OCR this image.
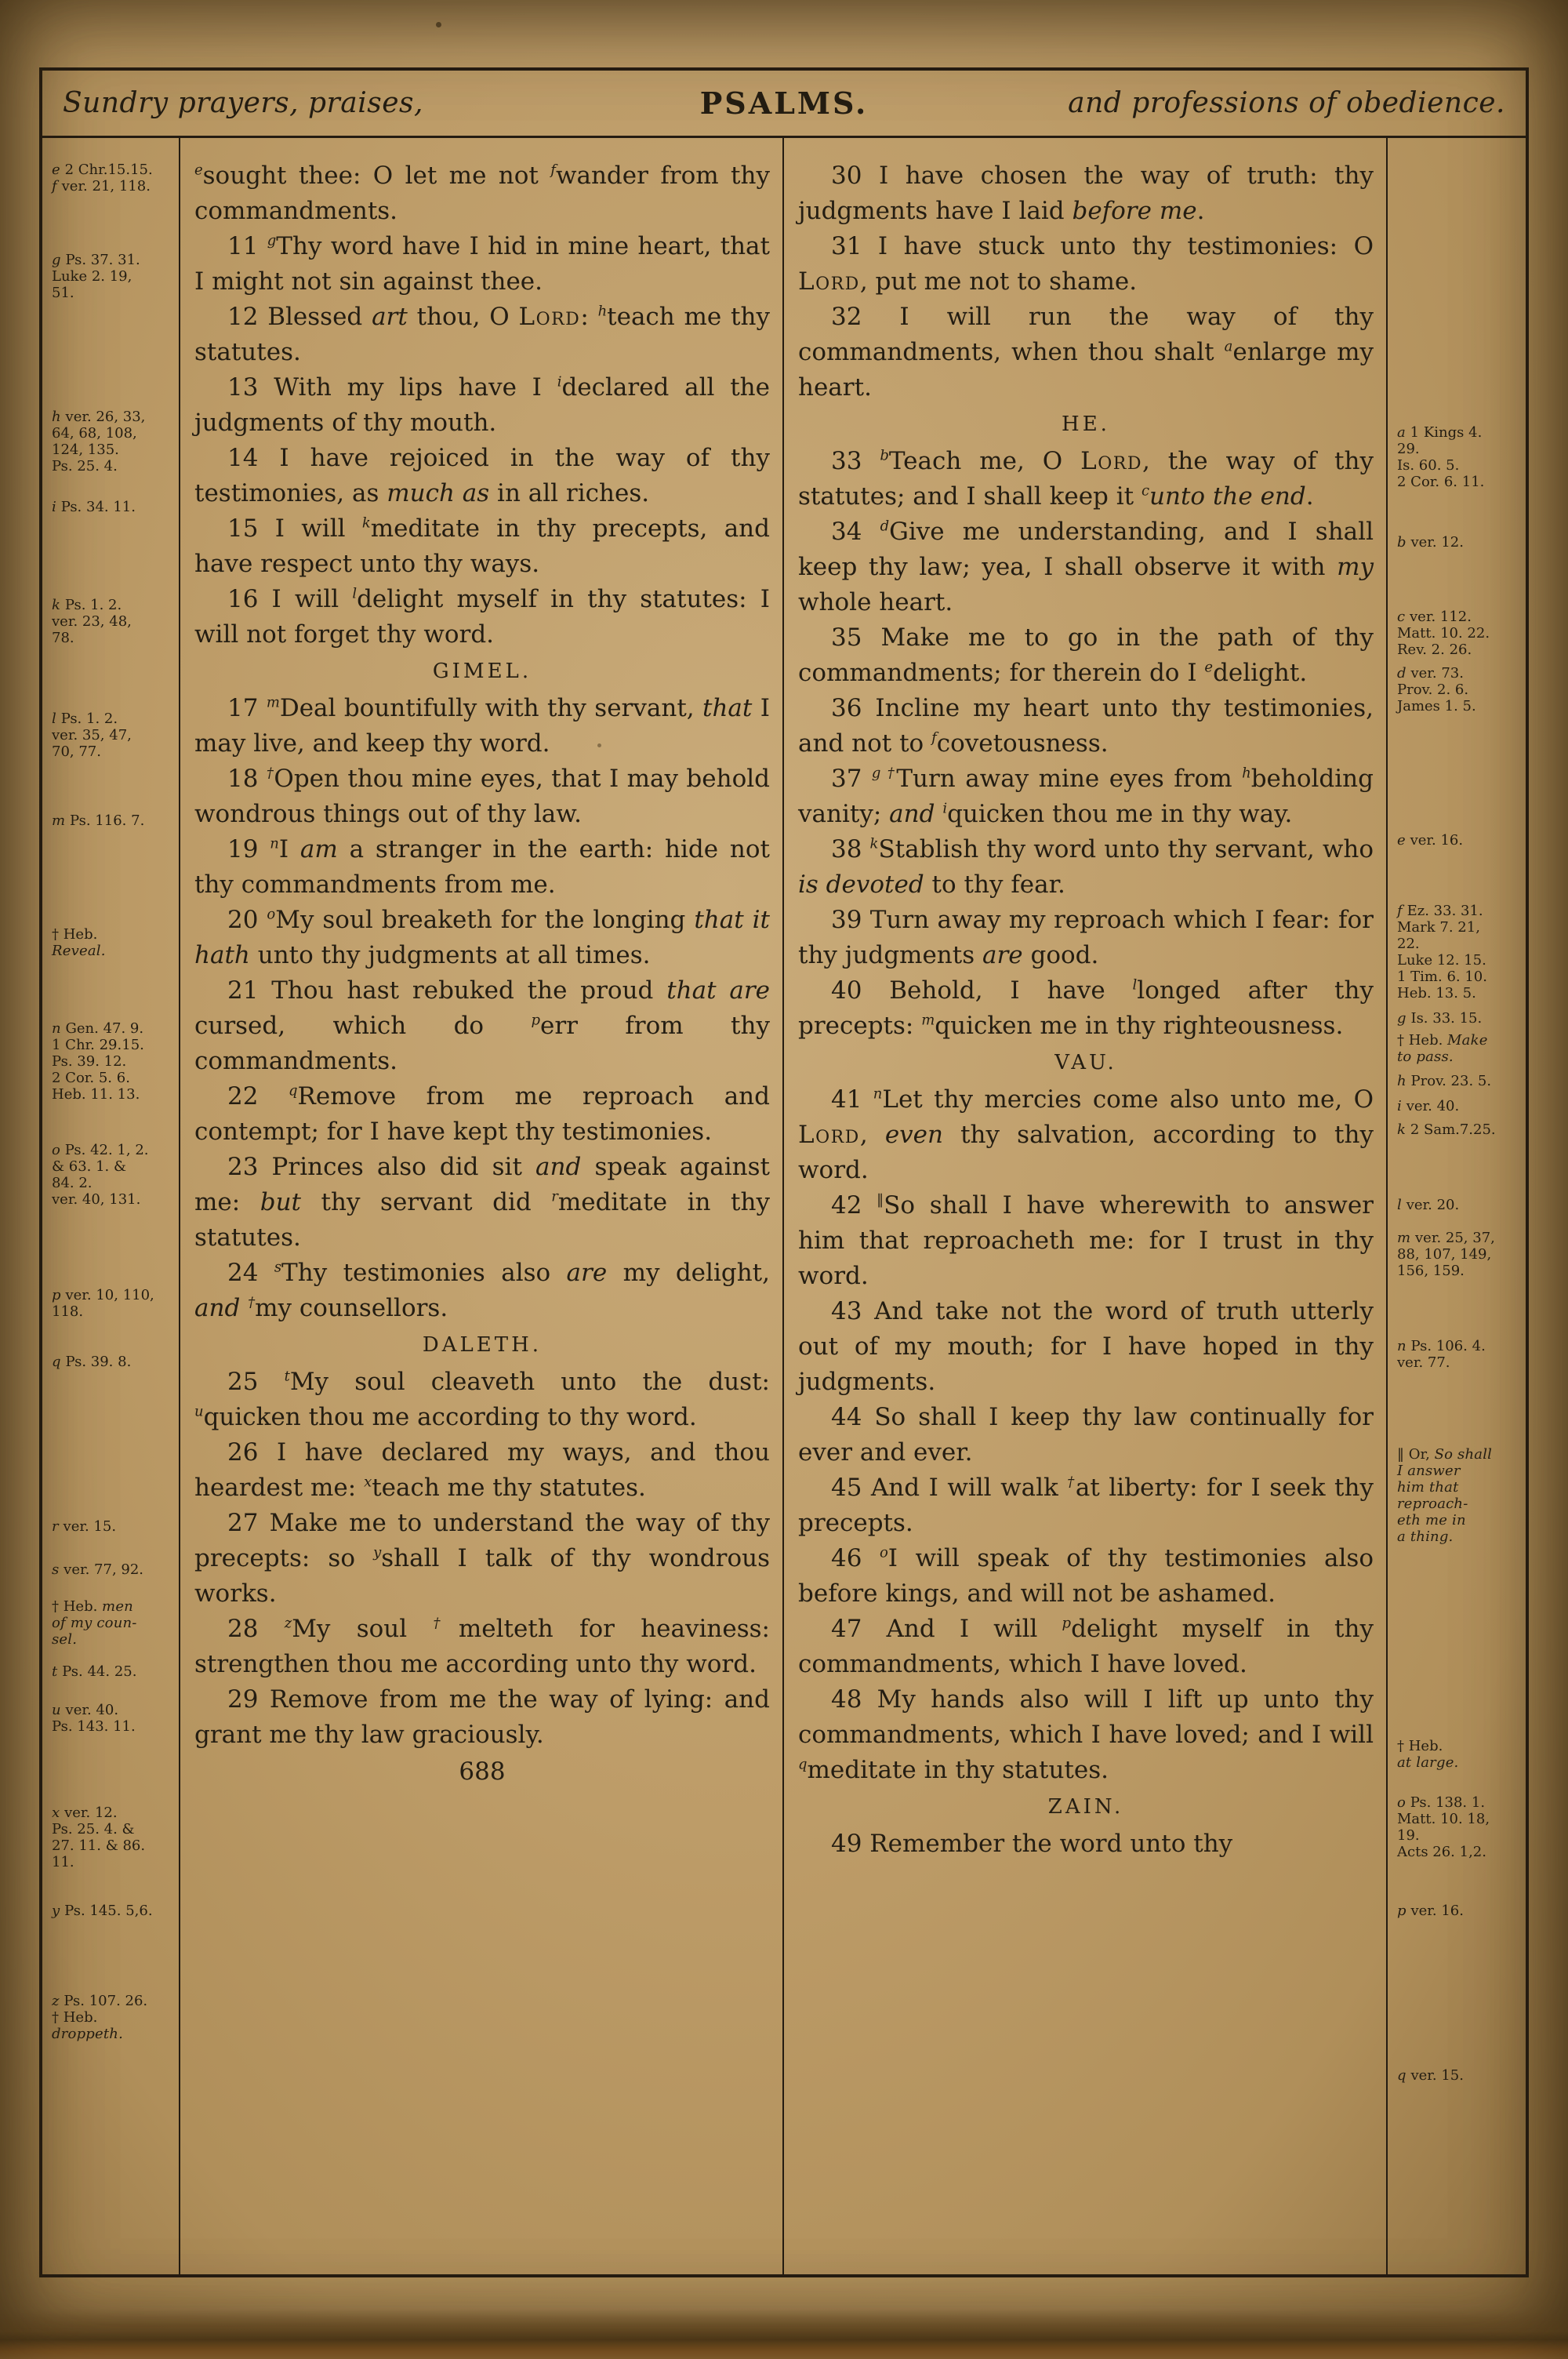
Sundry prayers, praises,	PSALMS.	and professions of obedience.
e 2 Chr.15.15.
f ver. 21, 118.
g Ps. 37. 31.
Luke 2. 19,
51.
h ver. 26, 33,
64, 68, 108,
124, 135.
Ps. 25. 4.
i Ps. 34. 11.
k Ps. 1. 2.
ver. 23, 48,
78.
l Ps. 1. 2.
ver. 35, 47,
70, 77.
m Ps. 116. 7.
† Heb.
Reveal.
n Gen. 47. 9.
1 Chr. 29.15.
Ps. 39. 12.
2 Cor. 5. 6.
Heb. 11. 13.
o Ps. 42. 1, 2.
& 63. 1. &
84. 2.
ver. 40, 131.
p ver. 10, 110,
118.
q Ps. 39. 8.
r ver. 15.
s ver. 77, 92.
† Heb. men
of my coun-
sel.
t Ps. 44. 25.
u ver. 40.
Ps. 143. 11.
x ver. 12.
Ps. 25. 4. &
27. 11. & 86.
11.
y Ps. 145. 5,6.
z Ps. 107. 26.
† Heb.
droppeth.

$^e$sought thee: O let me not $^f$wander from thy commandments.

11 $^g$Thy word have I hid in mine heart, that I might not sin against thee.

12 Blessed art thou, O Lord: $^h$teach me thy statutes.

13 With my lips have I $^i$declared all the judgments of thy mouth.

14 I have rejoiced in the way of thy testimonies, as much as in all riches.

15 I will $^k$meditate in thy precepts, and have respect unto thy ways.

16 I will $^l$delight myself in thy statutes: I will not forget thy word.

GIMEL.

17 $^m$Deal bountifully with thy servant, that I may live, and keep thy word.

18 †Open thou mine eyes, that I may behold wondrous things out of thy law.

19 $^n$I am a stranger in the earth: hide not thy commandments from me.

20 $^o$My soul breaketh for the longing that it hath unto thy judgments at all times.

21 Thou hast rebuked the proud that are cursed, which do $^p$err from thy commandments.

22 $^q$Remove from me reproach and contempt; for I have kept thy testimonies.

23 Princes also did sit and speak against me: but thy servant did $^r$meditate in thy statutes.

24 $^s$Thy testimonies also are my delight, and †my counsellors.

DALETH.

25 $^t$My soul cleaveth unto the dust: $^u$quicken thou me according to thy word.

26 I have declared my ways, and thou heardest me: $^x$teach me thy statutes.

27 Make me to understand the way of thy precepts: so $^y$shall I talk of thy wondrous works.

28 $^z$My soul †melteth for heaviness: strengthen thou me according unto thy word.

29 Remove from me the way of lying: and grant me thy law graciously.

688

30 I have chosen the way of truth: thy judgments have I laid before me.

31 I have stuck unto thy testimonies: O Lord, put me not to shame.

32 I will run the way of thy commandments, when thou shalt $^a$enlarge my heart.

HE.

33 $^b$Teach me, O Lord, the way of thy statutes; and I shall keep it $^c$unto the end.

34 $^d$Give me understanding, and I shall keep thy law; yea, I shall observe it with my whole heart.

35 Make me to go in the path of thy commandments; for therein do I $^e$delight.

36 Incline my heart unto thy testimonies, and not to $^f$covetousness.

37 $^{g \dagger}$Turn away mine eyes from $^h$beholding vanity; and $^i$quicken thou me in thy way.

38 $^k$Stablish thy word unto thy servant, who is devoted to thy fear.

39 Turn away my reproach which I fear: for thy judgments are good.

40 Behold, I have $^l$longed after thy precepts: $^m$quicken me in thy righteousness.

VAU.

41 $^n$Let thy mercies come also unto me, O Lord, even thy salvation, according to thy word.

42 ‖So shall I have wherewith to answer him that reproacheth me: for I trust in thy word.

43 And take not the word of truth utterly out of my mouth; for I have hoped in thy judgments.

44 So shall I keep thy law continually for ever and ever.

45 And I will walk †at liberty: for I seek thy precepts.

46 $^o$I will speak of thy testimonies also before kings, and will not be ashamed.

47 And I will $^p$delight myself in thy commandments, which I have loved.

48 My hands also will I lift up unto thy commandments, which I have loved; and I will $^q$meditate in thy statutes.

ZAIN.

49 Remember the word unto thy

a 1 Kings 4.
29.
Is. 60. 5.
2 Cor. 6. 11.
b ver. 12.
c ver. 112.
Matt. 10. 22.
Rev. 2. 26.
d ver. 73.
Prov. 2. 6.
James 1. 5.
e ver. 16.
f Ez. 33. 31.
Mark 7. 21,
22.
Luke 12. 15.
1 Tim. 6. 10.
Heb. 13. 5.
g Is. 33. 15.
† Heb. Make
to pass.
h Prov. 23. 5.
i ver. 40.
k 2 Sam.7.25.
l ver. 20.
m ver. 25, 37,
88, 107, 149,
156, 159.
n Ps. 106. 4.
ver. 77.
‖ Or, So shall
I answer
him that
reproach-
eth me in
a thing.
† Heb.
at large.
o Ps. 138. 1.
Matt. 10. 18,
19.
Acts 26. 1,2.
p ver. 16.
q ver. 15.
